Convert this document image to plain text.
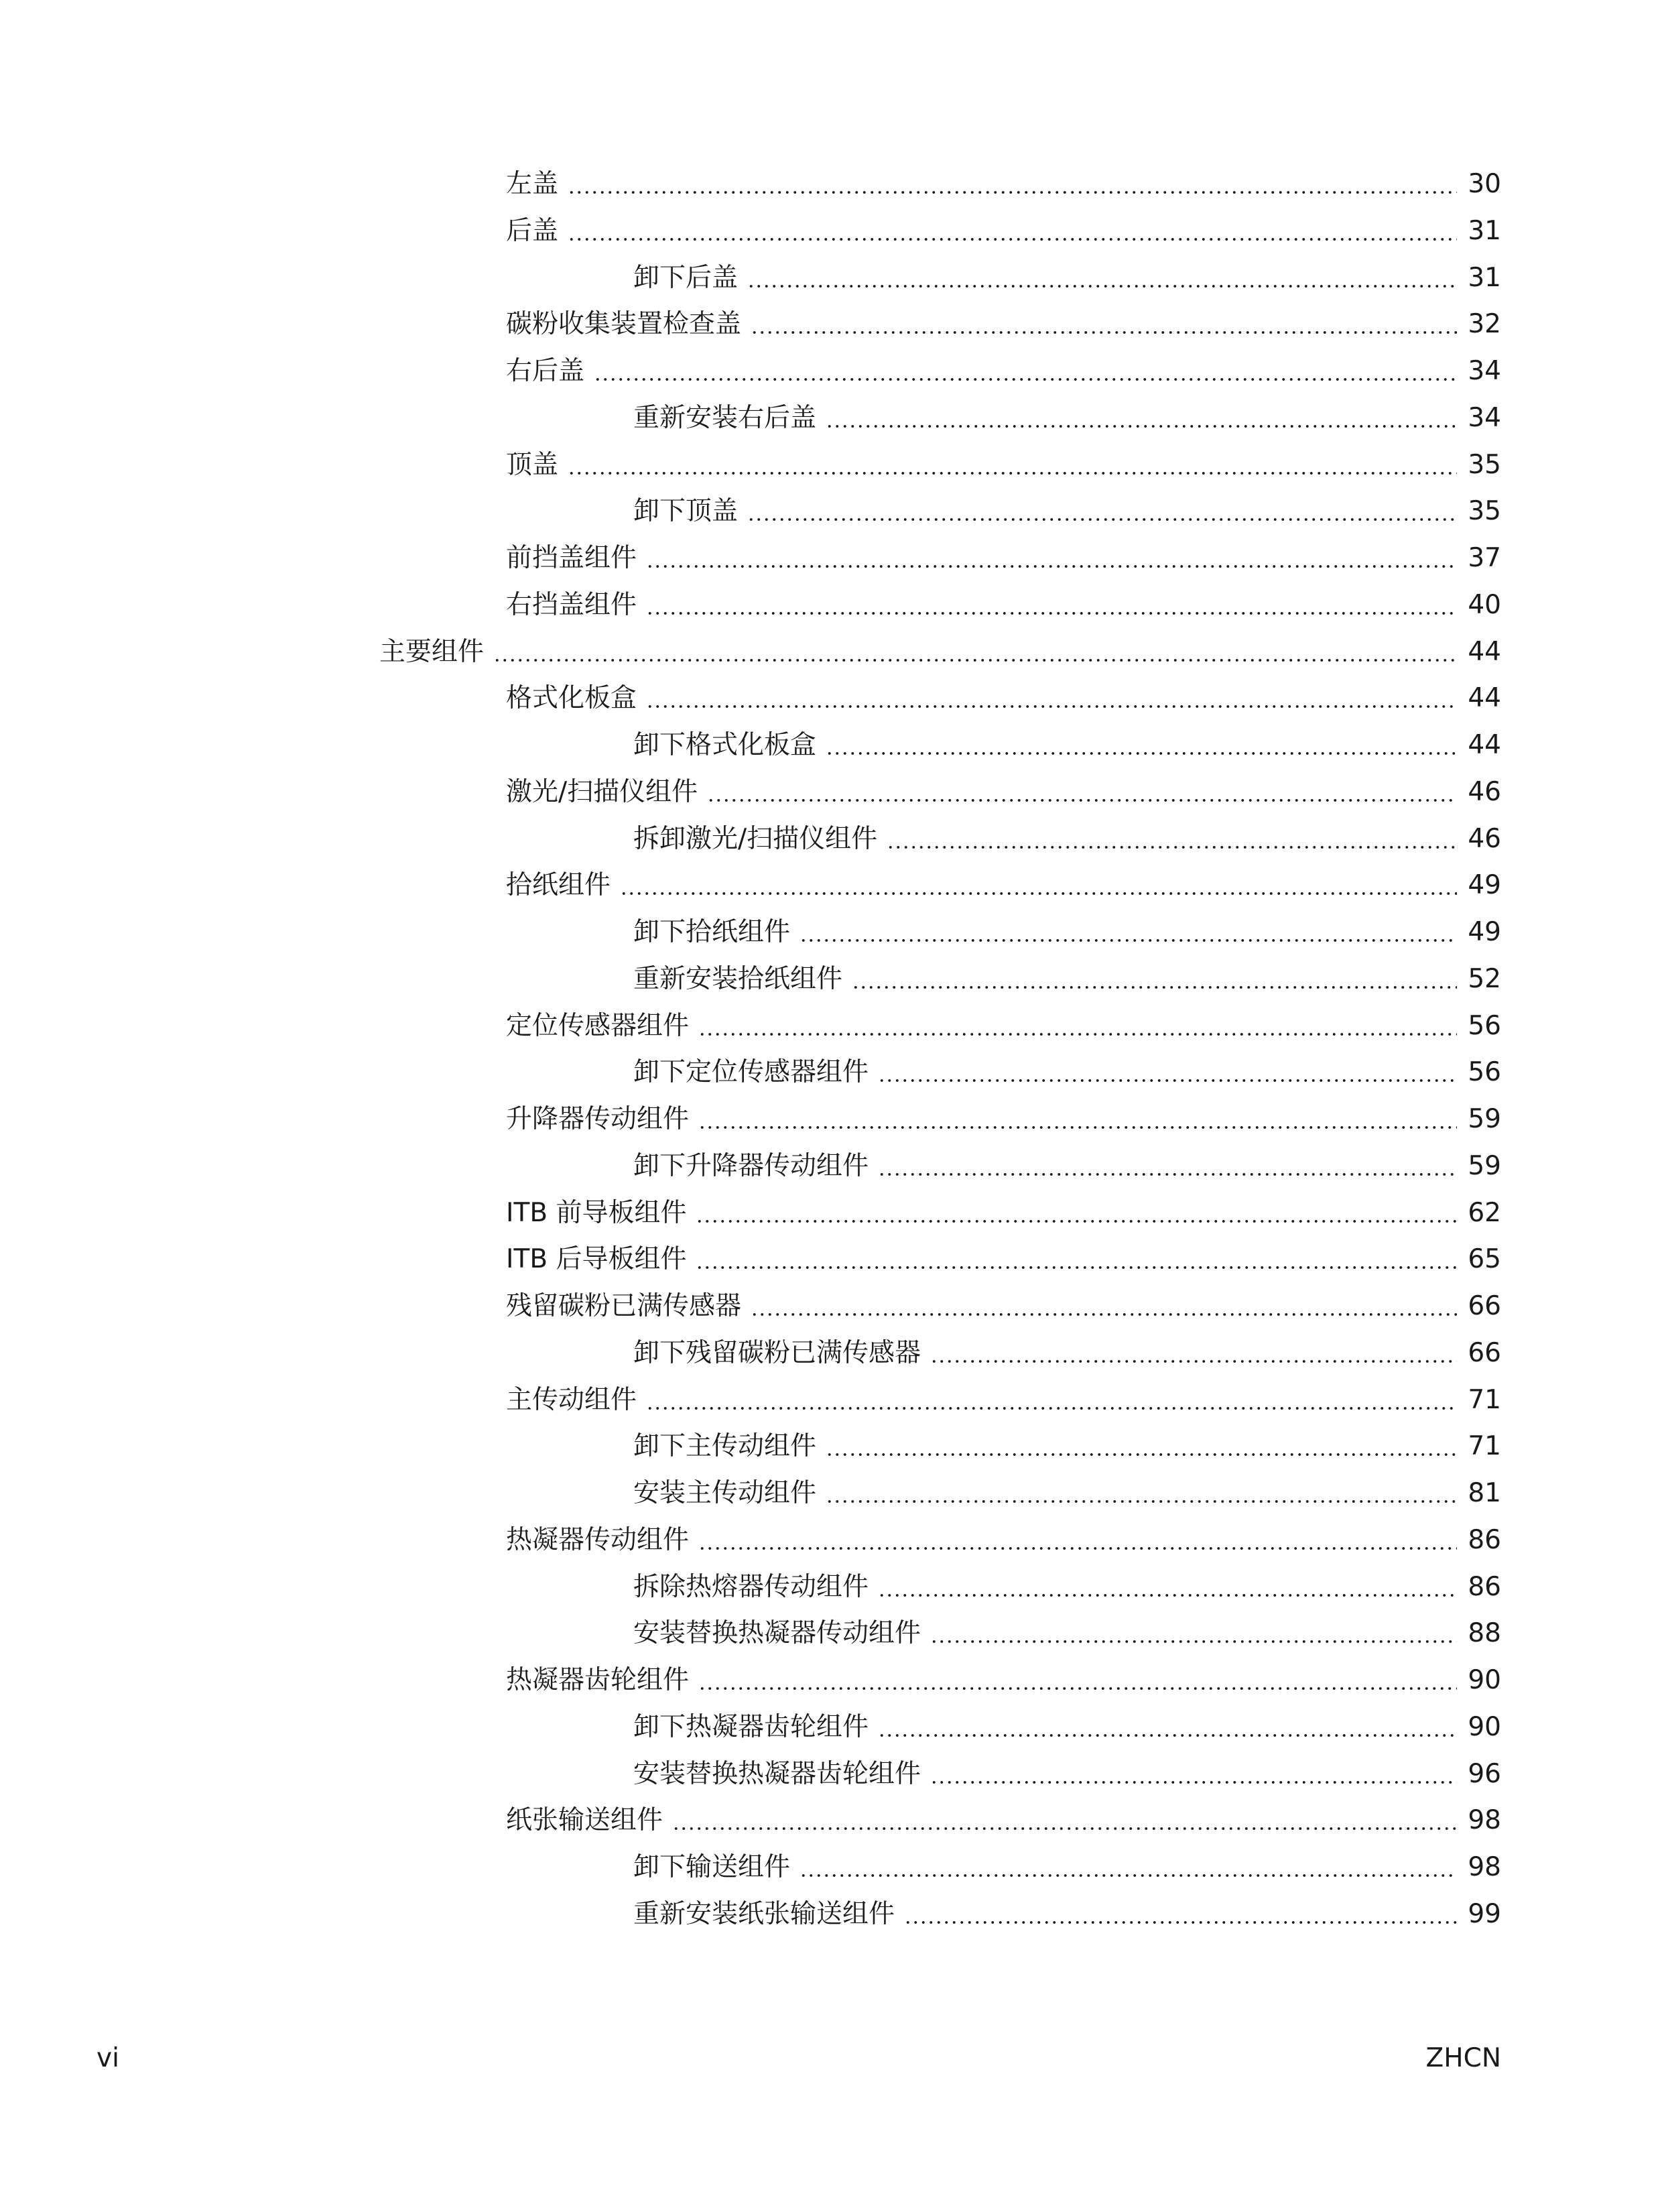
左盖	30
后盖	31
卸下后盖	31
碳粉收集装置检查盖	32
右后盖	34
重新安装右后盖	34
顶盖	35
卸下顶盖	35
前挡盖组件	37
右挡盖组件	40
主要组件	44
格式化板盒	44
卸下格式化板盒	44
激光/扫描仪组件	46
拆卸激光/扫描仪组件	46
拾纸组件	49
卸下拾纸组件	49
重新安装拾纸组件	52
定位传感器组件	56
卸下定位传感器组件	56
升降器传动组件	59
卸下升降器传动组件	59
ITB 前导板组件	62
ITB 后导板组件	65
残留碳粉已满传感器	66
卸下残留碳粉已满传感器	66
主传动组件	71
卸下主传动组件	71
安装主传动组件	81
热凝器传动组件	86
拆除热熔器传动组件	86
安装替换热凝器传动组件	88
热凝器齿轮组件	90
卸下热凝器齿轮组件	90
安装替换热凝器齿轮组件	96
纸张输送组件	98
卸下输送组件	98
重新安装纸张输送组件	99
vi	ZHCN
